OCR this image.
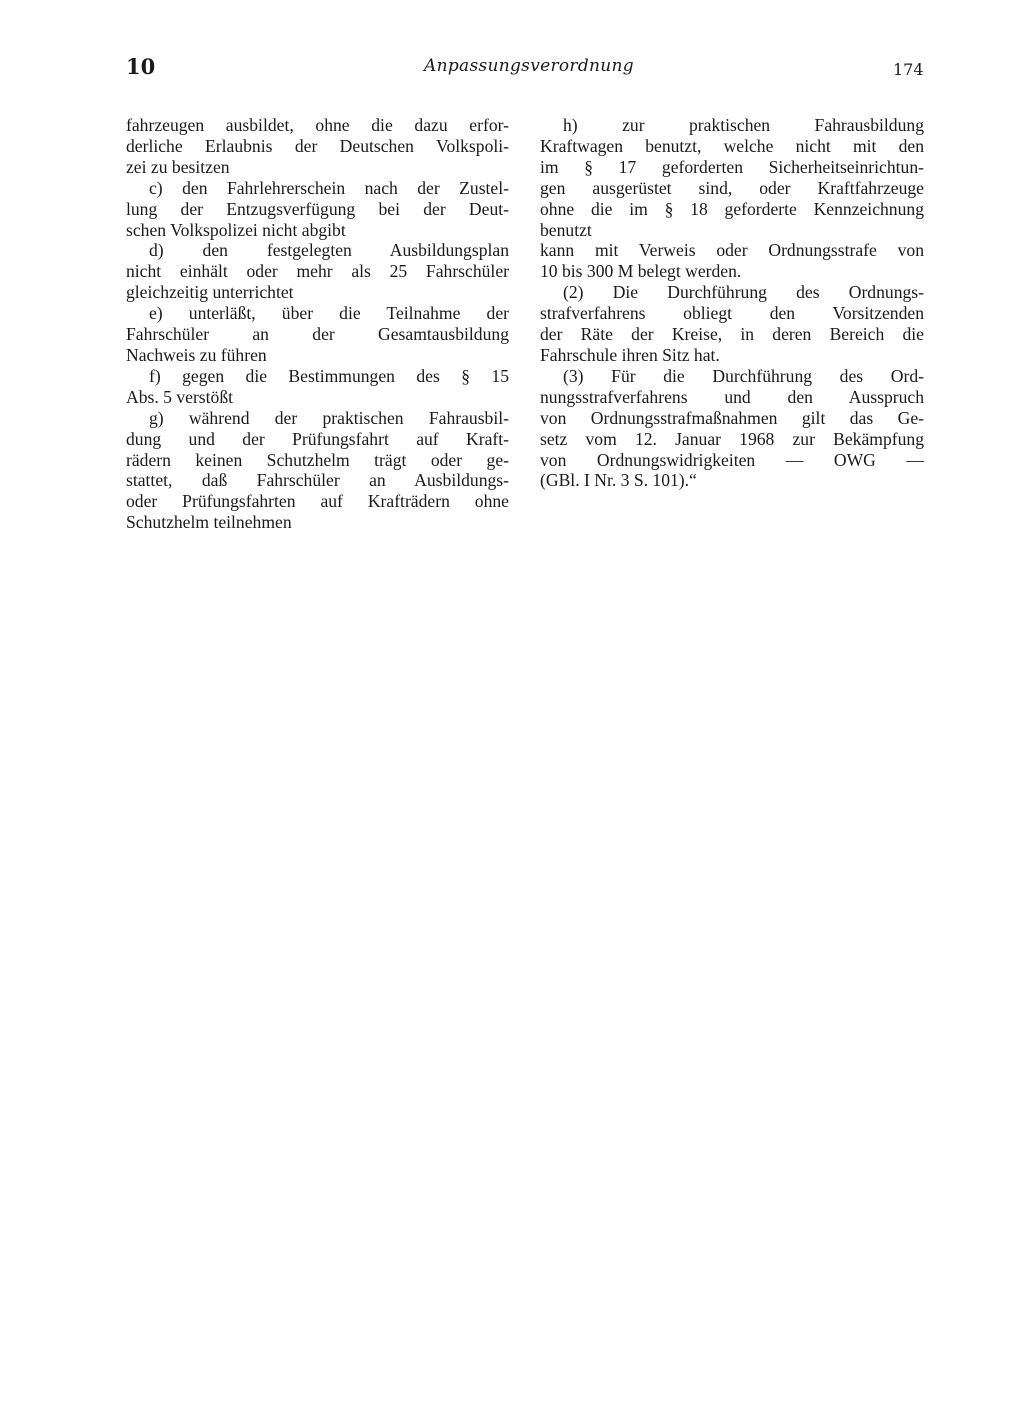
10	Anpassungsverordnung	174
fahrzeugen ausbildet, ohne die dazu erfor-
derliche Erlaubnis der Deutschen Volkspoli-
zei zu besitzen
c) den Fahrlehrerschein nach der Zustel-
lung der Entzugsverfügung bei der Deut-
schen Volkspolizei nicht abgibt
d) den festgelegten Ausbildungsplan
nicht einhält oder mehr als 25 Fahrschüler
gleichzeitig unterrichtet
e) unterläßt, über die Teilnahme der
Fahrschüler an der Gesamtausbildung
Nachweis zu führen
f) gegen die Bestimmungen des § 15
Abs. 5 verstößt
g) während der praktischen Fahrausbil-
dung und der Prüfungsfahrt auf Kraft-
rädern keinen Schutzhelm trägt oder ge-
stattet, daß Fahrschüler an Ausbildungs-
oder Prüfungsfahrten auf Krafträdern ohne
Schutzhelm teilnehmen
h) zur praktischen Fahrausbildung
Kraftwagen benutzt, welche nicht mit den
im § 17 geforderten Sicherheitseinrichtun-
gen ausgerüstet sind, oder Kraftfahrzeuge
ohne die im § 18 geforderte Kennzeichnung
benutzt
kann mit Verweis oder Ordnungsstrafe von
10 bis 300 M belegt werden.
(2) Die Durchführung des Ordnungs-
strafverfahrens obliegt den Vorsitzenden
der Räte der Kreise, in deren Bereich die
Fahrschule ihren Sitz hat.
(3) Für die Durchführung des Ord-
nungsstrafverfahrens und den Ausspruch
von Ordnungsstrafmaßnahmen gilt das Ge-
setz vom 12. Januar 1968 zur Bekämpfung
von Ordnungswidrigkeiten — OWG —
(GBl. I Nr. 3 S. 101).“
